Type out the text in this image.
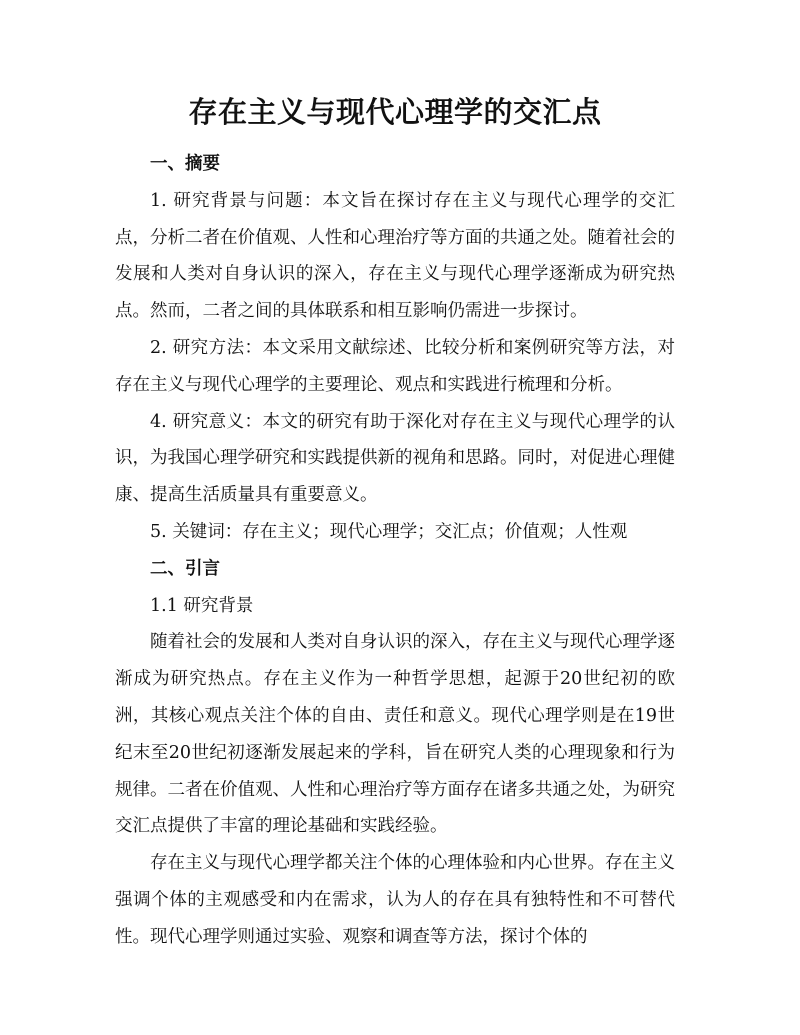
存在主义与现代心理学的交汇点
一、摘要

1. 研究背景与问题：本文旨在探讨存在主义与现代心理学的交汇点，分析二者在价值观、人性和心理治疗等方面的共通之处。随着社会的发展和人类对自身认识的深入，存在主义与现代心理学逐渐成为研究热点。然而，二者之间的具体联系和相互影响仍需进一步探讨。

2. 研究方法：本文采用文献综述、比较分析和案例研究等方法，对存在主义与现代心理学的主要理论、观点和实践进行梳理和分析。

4. 研究意义：本文的研究有助于深化对存在主义与现代心理学的认识，为我国心理学研究和实践提供新的视角和思路。同时，对促进心理健康、提高生活质量具有重要意义。

5. 关键词：存在主义；现代心理学；交汇点；价值观；人性观
二、引言
1.1 研究背景

随着社会的发展和人类对自身认识的深入，存在主义与现代心理学逐渐成为研究热点。存在主义作为一种哲学思想，起源于20世纪初的欧洲，其核心观点关注个体的自由、责任和意义。现代心理学则是在19世纪末至20世纪初逐渐发展起来的学科，旨在研究人类的心理现象和行为规律。二者在价值观、人性和心理治疗等方面存在诸多共通之处，为研究交汇点提供了丰富的理论基础和实践经验。

存在主义与现代心理学都关注个体的心理体验和内心世界。存在主义强调个体的主观感受和内在需求，认为人的存在具有独特性和不可替代性。现代心理学则通过实验、观察和调查等方法，探讨个体的
